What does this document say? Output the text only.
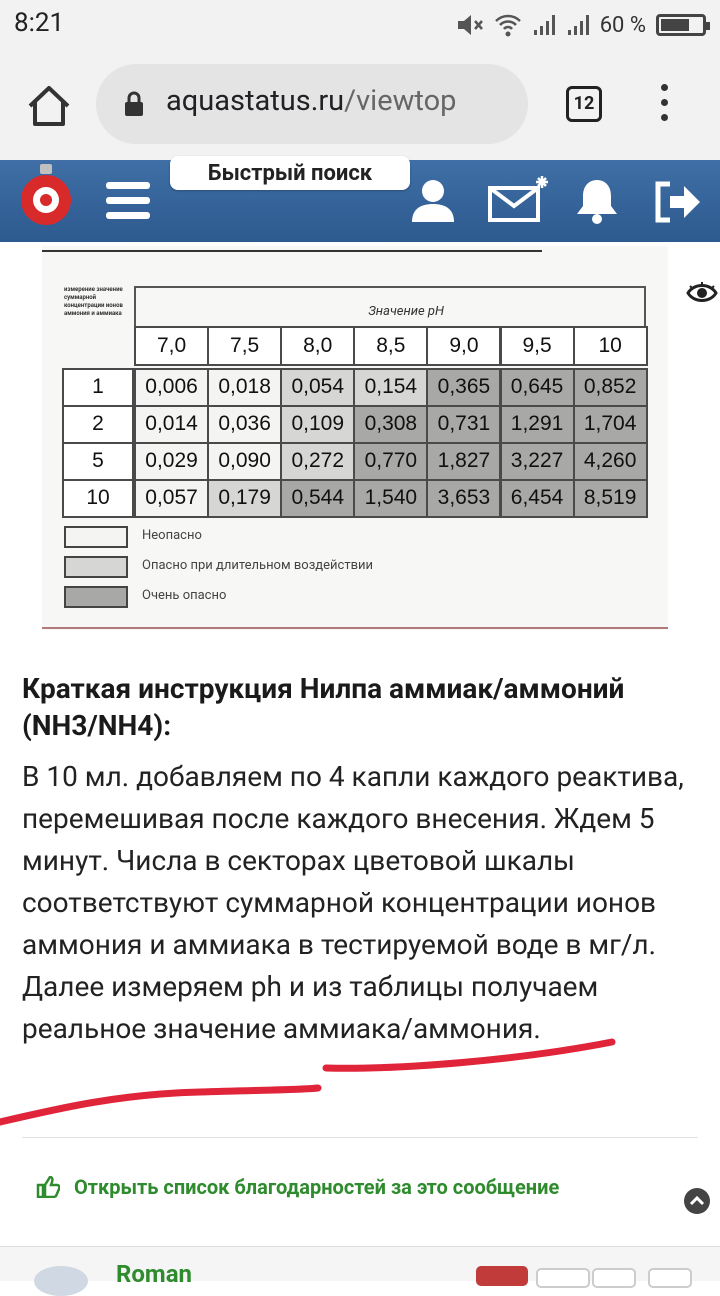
8:21	60 %
aquastatus.ru/viewtop	12
Быстрый поиск
измерение значение суммарной концентрации ионов аммония и аммиака	Значение pH
7,0	7,5	8,0	8,5	9,0	9,5	10
1	0,006 0,018 0,054 0,154 0,365 0,645 0,852
2	0,014 0,036 0,109 0,308 0,731 1,291 1,704
5	0,029 0,090 0,272 0,770 1,827 3,227 4,260
10	0,057 0,179 0,544 1,540 3,653 6,454 8,519
Неопасно
Опасно при длительном воздействии
Очень опасно
Краткая инструкция Нилпа аммиак/аммоний (NH3/NH4):
В 10 мл. добавляем по 4 капли каждого реактива, перемешивая после каждого внесения. Ждем 5 минут. Числа в секторах цветовой шкалы соответствуют суммарной концентрации ионов аммония и аммиака в тестируемой воде в мг/л. Далее измеряем ph и из таблицы получаем реальное значение аммиака/аммония.
Открыть список благодарностей за это сообщение
Roman
